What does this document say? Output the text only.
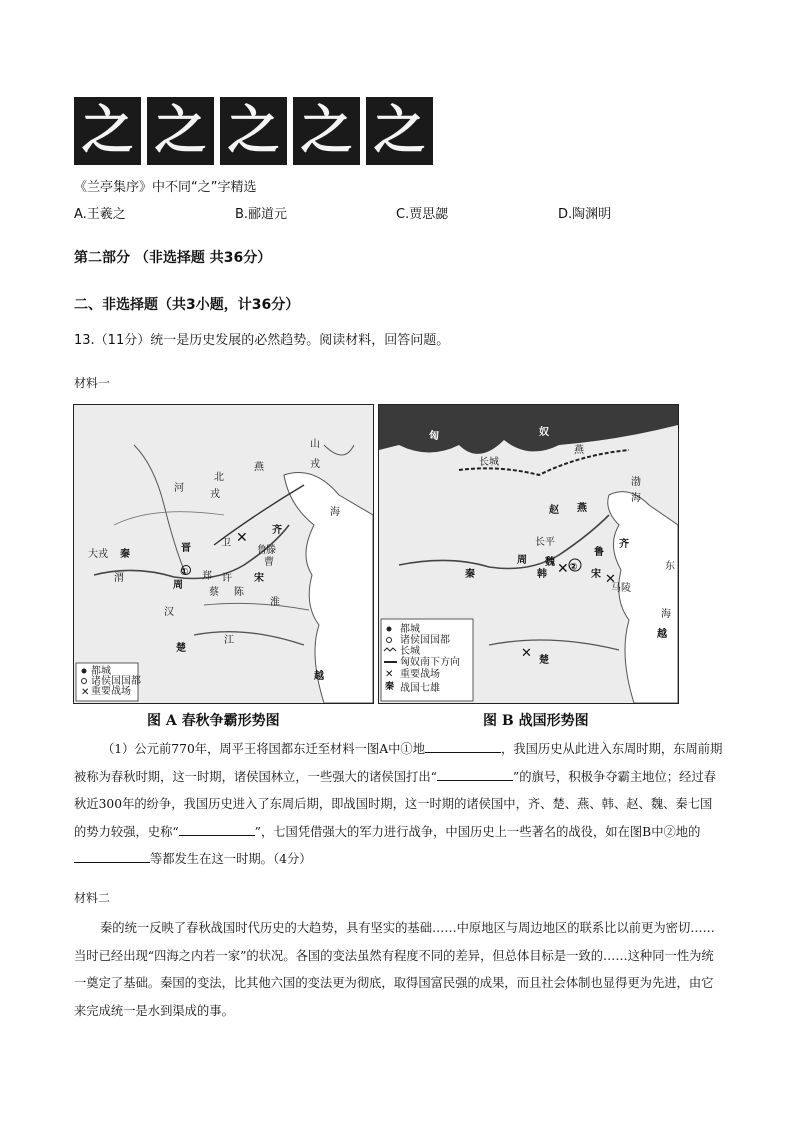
之 之 之 之 之
《兰亭集序》中不同“之”字精选
A.王羲之	B.郦道元	C.贾思勰	D.陶渊明
第二部分 （非选择题 共36分）
二、非选择题（共3小题，计36分）
13.（11分）统一是历史发展的必然趋势。阅读材料，回答问题。
材料一
✕
都城
诸侯国国都
重要战场
山
戎
燕
北
戎
河
晋	卫
齐
鲁
大 戎 秦
周
郑 许
陈
宋
蔡
曹
滕
渭
汉
楚
越
海
江
淮
①
✕
✕
秦
都城
诸侯国国都
长城
匈奴南下方向
重要战场
战国七雄
匈	奴
燕
燕
赵
齐
魏
周
韩
鲁
宋
秦
楚
越
东
海
长城
长平
马陵
渤
海
②
✕
✕
✕
图 A 春秋争霸形势图	图 B 战国形势图
（1）公元前770年，周平王将国都东迁至材料一图A中①地	，我国历史从此进入东周时期，东周前期被称为春秋时期，这一时期，诸侯国林立，一些强大的诸侯国打出“	”的旗号，积极争夺霸主地位；经过春秋近300年的纷争，我国历史进入了东周后期，即战国时期，这一时期的诸侯国中，齐、楚、燕、韩、赵、魏、秦七国的势力较强，史称“	”，七国凭借强大的军力进行战争，中国历史上一些著名的战役，如在图B中②地的等都发生在这一时期。（4分）
材料二
秦的统一反映了春秋战国时代历史的大趋势，具有坚实的基础……中原地区与周边地区的联系比以前更为密切……当时已经出现“四海之内若一家”的状况。各国的变法虽然有程度不同的差异，但总体目标是一致的……这种同一性为统一奠定了基础。秦国的变法，比其他六国的变法更为彻底，取得国富民强的成果，而且社会体制也显得更为先进，由它来完成统一是水到渠成的事。
